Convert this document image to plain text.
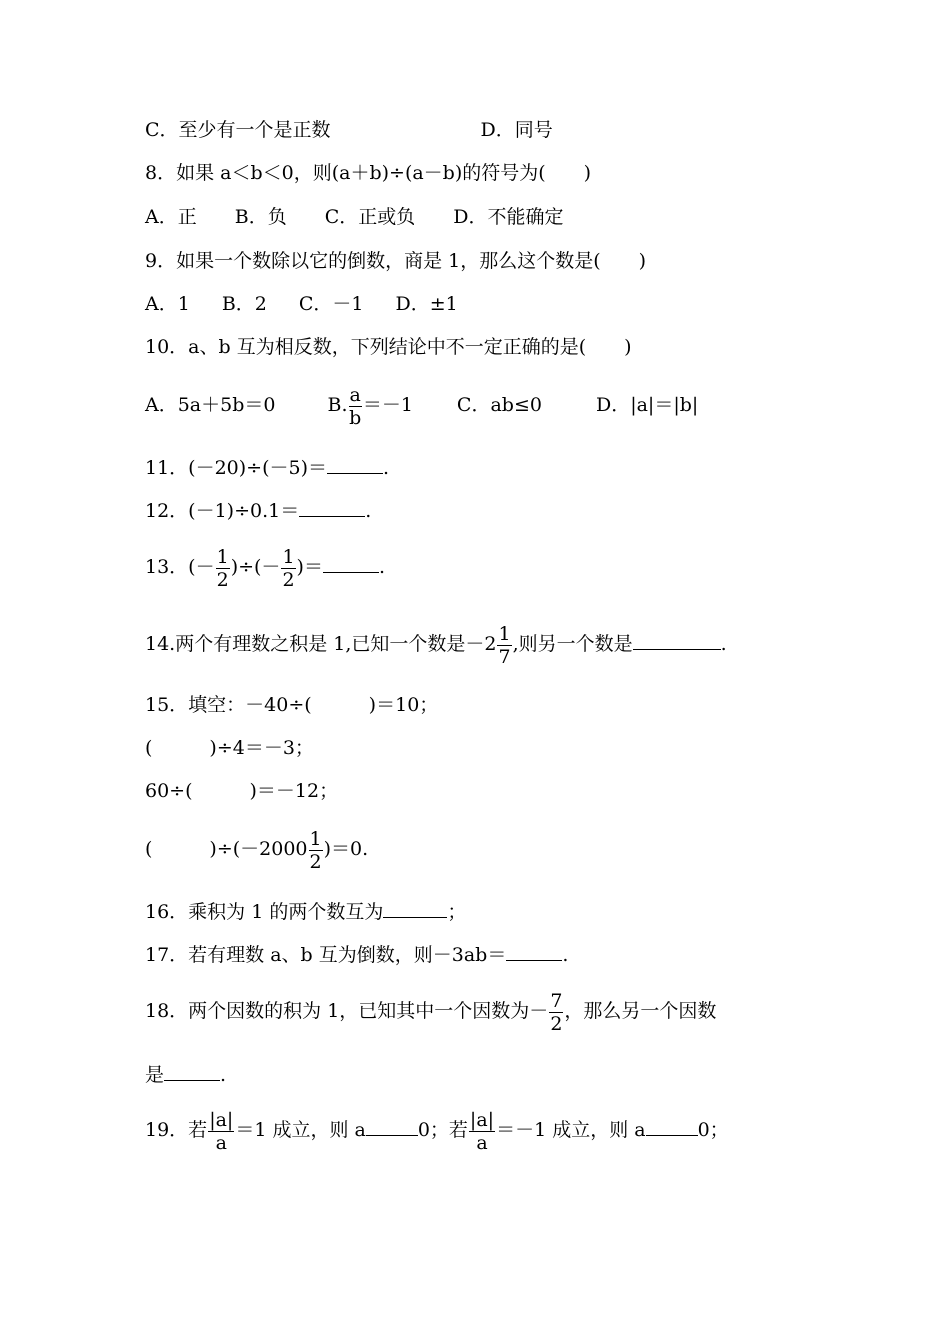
C．至少有一个是正数	D．同号
8．如果 a＜b＜0，则(a＋b)÷(a－b)的符号为(　　)
A．正 B．负 C．正或负 D．不能确定
9．如果一个数除以它的倒数，商是 1，那么这个数是(　　)
A．1 B．2 C．－1 D．±1
10．a、b 互为相反数，下列结论中不一定正确的是(　　)
A．5a＋5b＝0	B. $\frac{a}{b} =-1$ C．ab≤0	D．|a|＝|b|
11．(－20)÷(－5)＝	.
12．(－1)÷0.1＝	.
13．(－ $\frac{1}{2}$ )÷(－ $\frac{1}{2}$ )＝	.
14.两个有理数之积是 1,已知一个数是$-2 \frac{1}{7}$ ,则另一个数是	.
15．填空：－40÷(　　　)＝10；
(　　　)÷4＝－3；
60÷(　　　)＝－12；
(　　　)$\div(-2000 \frac{1}{2} )=0$.
16．乘积为 1 的两个数互为	；
17．若有理数 a、b 互为倒数，则－3ab＝	.
18．两个因数的积为 1，已知其中一个因数为－ $\frac{7}{2}$ ，那么另一个因数
是	.
19．若 $\frac{|a|}{a} =1$ 成立，则 a	0；若 $\frac{|a|}{a} =-1$ 成立，则 a	0；
